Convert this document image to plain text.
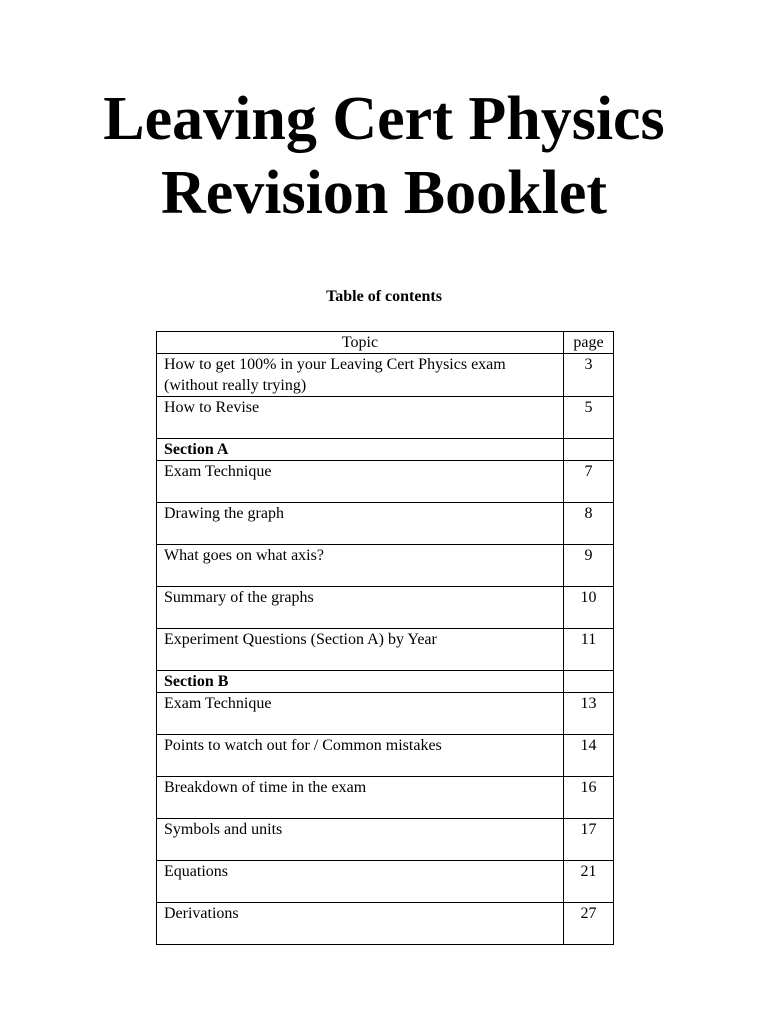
Leaving Cert Physics
Revision Booklet
Table of contents
Topic	page

How to get 100% in your Leaving Cert Physics exam
(without really trying)	3

How to Revise	5
Section A	

Exam Technique	7

Drawing the graph	8

What goes on what axis?	9

Summary of the graphs	10

Experiment Questions (Section A) by Year	11
Section B	

Exam Technique	13

Points to watch out for / Common mistakes	14

Breakdown of time in the exam	16

Symbols and units	17

Equations	21

Derivations	27
